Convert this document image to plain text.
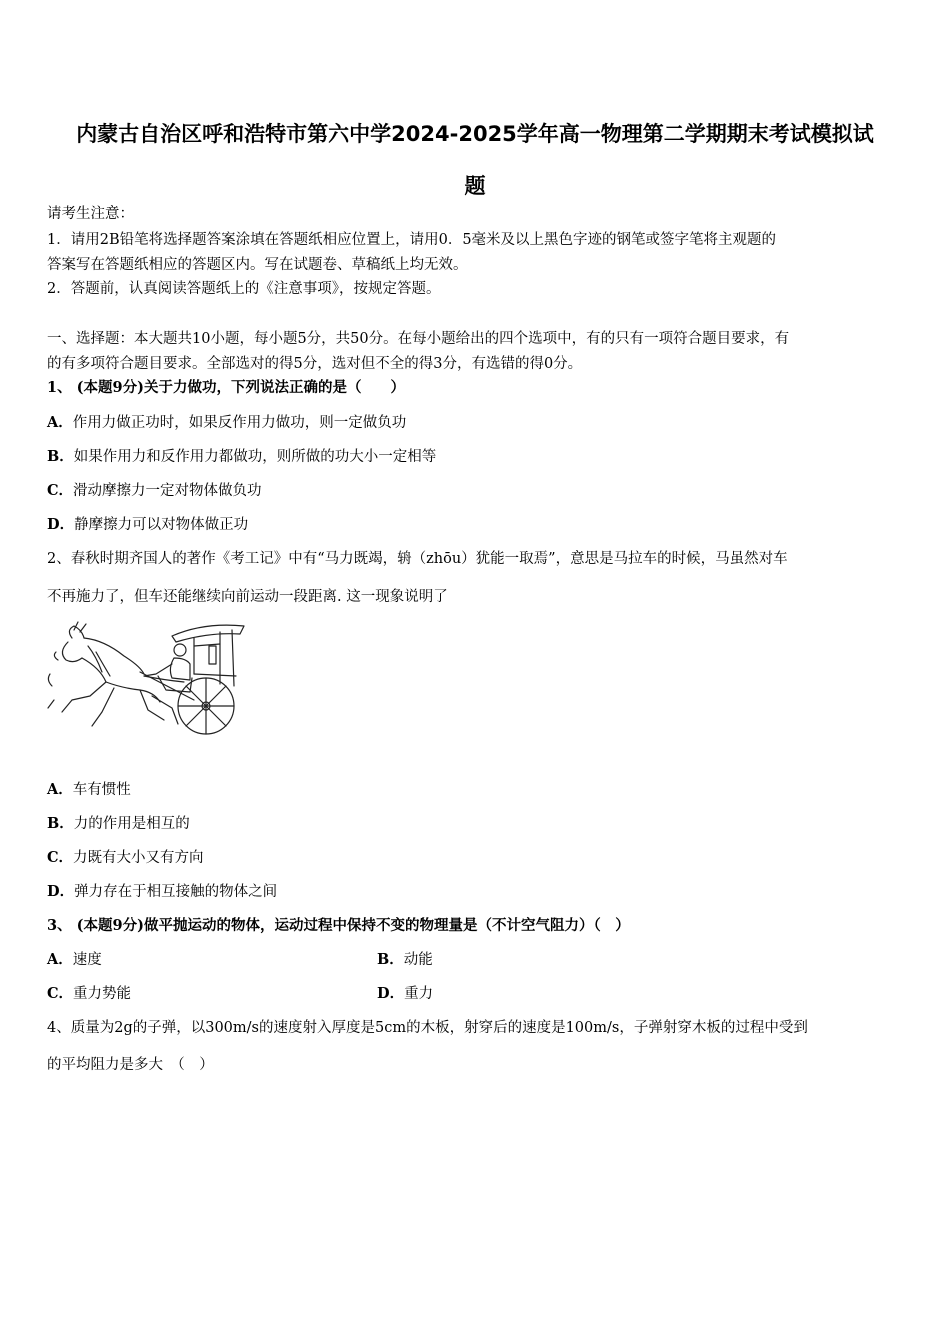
内蒙古自治区呼和浩特市第六中学2024-2025学年高一物理第二学期期末考试模拟试
题
请考生注意：
1．请用2B铅笔将选择题答案涂填在答题纸相应位置上，请用0．5毫米及以上黑色字迹的钢笔或签字笔将主观题的
答案写在答题纸相应的答题区内。写在试题卷、草稿纸上均无效。
2．答题前，认真阅读答题纸上的《注意事项》，按规定答题。
一、选择题：本大题共10小题，每小题5分，共50分。在每小题给出的四个选项中，有的只有一项符合题目要求，有
的有多项符合题目要求。全部选对的得5分，选对但不全的得3分，有选错的得0分。
1、 (本题9分)关于力做功，下列说法正确的是（　　）
A．作用力做正功时，如果反作用力做功，则一定做负功
B．如果作用力和反作用力都做功，则所做的功大小一定相等
C．滑动摩擦力一定对物体做负功
D．静摩擦力可以对物体做正功
2、春秋时期齐国人的著作《考工记》中有“马力既竭，辀（zhōu）犹能一取焉”，意思是马拉车的时候，马虽然对车
不再施力了，但车还能继续向前运动一段距离. 这一现象说明了
A．车有惯性
B．力的作用是相互的
C．力既有大小又有方向
D．弹力存在于相互接触的物体之间
3、 (本题9分)做平抛运动的物体，运动过程中保持不变的物理量是（不计空气阻力）（　）
A．速度	B．动能
C．重力势能	D．重力
4、质量为2g的子弹，以300m/s的速度射入厚度是5cm的木板，射穿后的速度是100m/s，子弹射穿木板的过程中受到
的平均阻力是多大　（　）
